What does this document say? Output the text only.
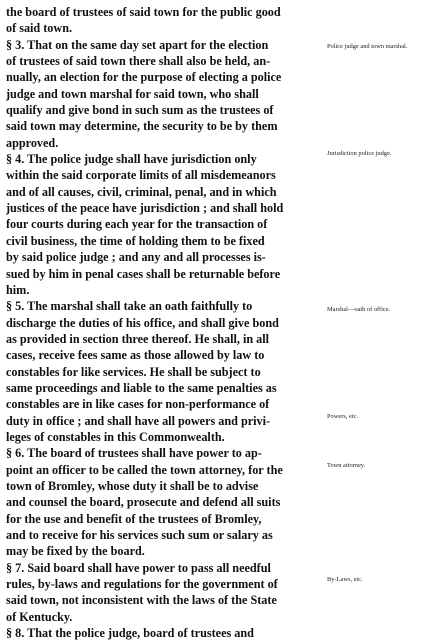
the board of trustees of said town for the public good
of said town.
§ 3. That on the same day set apart for the election
of trustees of said town there shall also be held, an-
nually, an election for the purpose of electing a police
judge and town marshal for said town, who shall
qualify and give bond in such sum as the trustees of
said town may determine, the security to be by them
approved.
§ 4. The police judge shall have jurisdiction only
within the said corporate limits of all misdemeanors
and of all causes, civil, criminal, penal, and in which
justices of the peace have jurisdiction ; and shall hold
four courts during each year for the transaction of
civil business, the time of holding them to be fixed
by said police judge ; and any and all processes is-
sued by him in penal cases shall be returnable before
him.
§ 5. The marshal shall take an oath faithfully to
discharge the duties of his office, and shall give bond
as provided in section three thereof. He shall, in all
cases, receive fees same as those allowed by law to
constables for like services. He shall be subject to
same proceedings and liable to the same penalties as
constables are in like cases for non-performance of
duty in office ; and shall have all powers and privi-
leges of constables in this Commonwealth.
§ 6. The board of trustees shall have power to ap-
point an officer to be called the town attorney, for the
town of Bromley, whose duty it shall be to advise
and counsel the board, prosecute and defend all suits
for the use and benefit of the trustees of Bromley,
and to receive for his services such sum or salary as
may be fixed by the board.
§ 7. Said board shall have power to pass all needful
rules, by-laws and regulations for the government of
said town, not inconsistent with the laws of the State
of Kentucky.
§ 8. That the police judge, board of trustees and
Police judge and town marshal.
Jurisdiction police judge.
Marshal—oath of office.
Powers, etc.
Town attorney.
By-Laws, etc.
